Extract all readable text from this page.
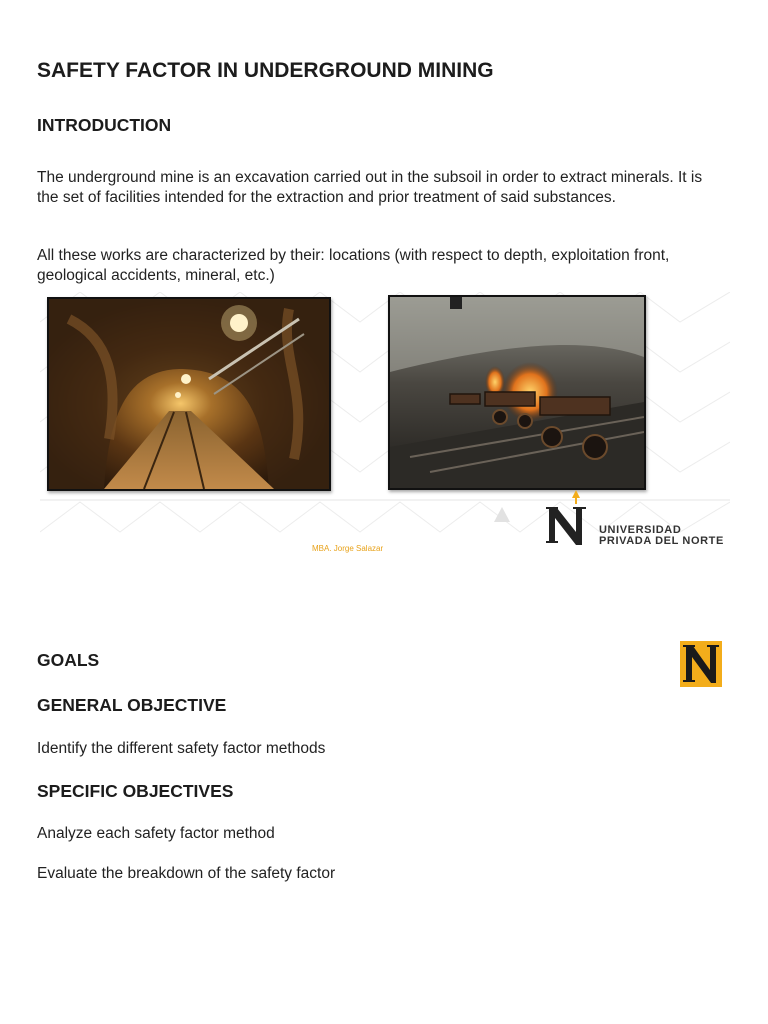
SAFETY FACTOR IN UNDERGROUND MINING
INTRODUCTION
The underground mine is an excavation carried out in the subsoil in order to extract minerals. It is the set of facilities intended for the extraction and prior treatment of said substances.
All these works are characterized by their: locations (with respect to depth, exploitation front, geological accidents, mineral, etc.)
MBA. Jorge Salazar
UNIVERSIDAD
PRIVADA DEL NORTE
GOALS
GENERAL OBJECTIVE
Identify the different safety factor methods
SPECIFIC OBJECTIVES
Analyze each safety factor method
Evaluate the breakdown of the safety factor
